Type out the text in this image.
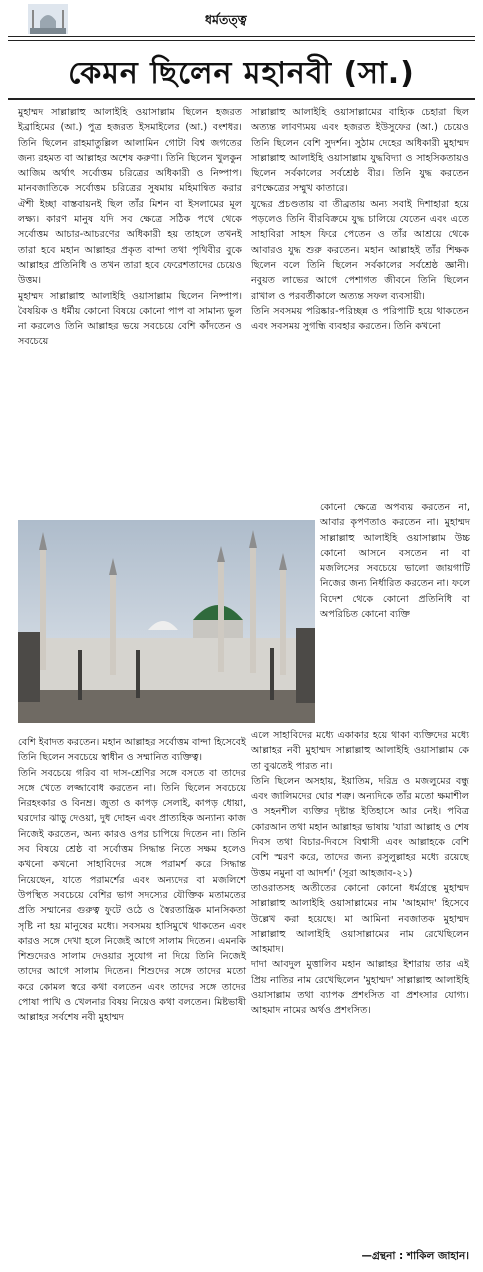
ধর্মতত্ত্ব
কেমন ছিলেন মহানবী (সা.)

মুহাম্মদ সাল্লাল্লাহু আলাইহি ওয়াসাল্লাম ছিলেন হজরত ইব্রাহিমের (আ.) পুত্র হজরত ইসমাইলের (আ.) বংশধর। তিনি ছিলেন রাহমাতুল্লিল আলামিন গোটা বিশ্ব জগতের জন্য রহমত বা আল্লাহর অশেষ করুণা। তিনি ছিলেন খুলকুন আজিম অর্থাৎ সর্বোত্তম চরিত্রের অধিকারী ও নিষ্পাপ। মানবজাতিকে সর্বোত্তম চরিত্রের সুষমায় মহিমান্বিত করার ঐশী ইচ্ছা বাস্তবায়নই ছিল তাঁর মিশন বা ইসলামের মূল লক্ষ্য। কারণ মানুষ যদি সব ক্ষেত্রে সঠিক পথে থেকে সর্বোত্তম আচার-আচরণের অধিকারী হয় তাহলে তখনই তারা হবে মহান আল্লাহর প্রকৃত বান্দা তথা পৃথিবীর বুকে আল্লাহর প্রতিনিধি ও তখন তারা হবে ফেরেশতাদের চেয়েও উত্তম।

মুহাম্মদ সাল্লাল্লাহু আলাইহি ওয়াসাল্লাম ছিলেন নিষ্পাপ। বৈষয়িক ও ধর্মীয় কোনো বিষয়ে কোনো পাপ বা সামান্য ভুল না করলেও তিনি আল্লাহর ভয়ে সবচেয়ে বেশি কাঁদতেন ও সবচেয়ে

সাল্লাল্লাহু আলাইহি ওয়াসাল্লামের বাহ্যিক চেহারা ছিল অত্যন্ত লাবণ্যময় এবং হজরত ইউসুফের (আ.) চেয়েও তিনি ছিলেন বেশি সুদর্শন। সুঠাম দেহের অধিকারী মুহাম্মদ সাল্লাল্লাহু আলাইহি ওয়াসাল্লাম যুদ্ধবিদ্যা ও সাহসিকতায়ও ছিলেন সর্বকালের সর্বশ্রেষ্ঠ বীর। তিনি যুদ্ধ করতেন রণক্ষেত্রের সম্মুখ কাতারে।

যুদ্ধের প্রচণ্ডতায় বা তীব্রতায় অন্য সবাই দিশাহারা হয়ে পড়লেও তিনি বীরবিক্রমে যুদ্ধ চালিয়ে যেতেন এবং এতে সাহাবিরা সাহস ফিরে পেতেন ও তাঁর আশ্রয়ে থেকে আবারও যুদ্ধ শুরু করতেন। মহান আল্লাহই তাঁর শিক্ষক ছিলেন বলে তিনি ছিলেন সর্বকালের সর্বশ্রেষ্ঠ জ্ঞানী। নবুয়ত লাভের আগে পেশাগত জীবনে তিনি ছিলেন রাখাল ও পরবর্তীকালে অত্যন্ত সফল ব্যবসায়ী।

তিনি সবসময় পরিষ্কার-পরিচ্ছন্ন ও পরিপাটি হয়ে থাকতেন এবং সবসময় সুগন্ধি ব্যবহার করতেন। তিনি কখনো

কোনো ক্ষেত্রে অপব্যয় করতেন না, আবার কৃপণতাও করতেন না। মুহাম্মদ সাল্লাল্লাহু আলাইহি ওয়াসাল্লাম উচ্চ কোনো আসনে বসতেন না বা মজলিসের সবচেয়ে ভালো জায়গাটি নিজের জন্য নির্ধারিত করতেন না। ফলে বিদেশ থেকে কোনো প্রতিনিধি বা অপরিচিত কোনো ব্যক্তি

বেশি ইবাদত করতেন। মহান আল্লাহর সর্বোত্তম বান্দা হিসেবেই তিনি ছিলেন সবচেয়ে স্বাধীন ও সম্মানিত ব্যক্তিত্ব।

তিনি সবচেয়ে গরিব বা দাস-শ্রেণির সঙ্গে বসতে বা তাদের সঙ্গে খেতে লজ্জাবোধ করতেন না। তিনি ছিলেন সবচেয়ে নিরহংকার ও বিনম্র। জুতা ও কাপড় সেলাই, কাপড় ধোয়া, ঘরদোর ঝাড়ু দেওয়া, দুধ দোহন এবং প্রাত্যহিক অন্যান্য কাজ নিজেই করতেন, অন্য কারও ওপর চাপিয়ে দিতেন না। তিনি সব বিষয়ে শ্রেষ্ঠ বা সর্বোত্তম সিদ্ধান্ত নিতে সক্ষম হলেও কখনো কখনো সাহাবিদের সঙ্গে পরামর্শ করে সিদ্ধান্ত নিয়েছেন, যাতে পরামর্শের এবং অন্যদের বা মজলিশে উপস্থিত সবচেয়ে বেশির ভাগ সদস্যের যৌক্তিক মতামতের প্রতি সম্মানের গুরুত্ব ফুটে ওঠে ও স্বৈরতান্ত্রিক মানসিকতা সৃষ্টি না হয় মানুষের মধ্যে। সবসময় হাসিমুখে থাকতেন এবং কারও সঙ্গে দেখা হলে নিজেই আগে সালাম দিতেন। এমনকি শিশুদেরও সালাম দেওয়ার সুযোগ না দিয়ে তিনি নিজেই তাদের আগে সালাম দিতেন। শিশুদের সঙ্গে তাদের মতো করে কোমল স্বরে কথা বলতেন এবং তাদের সঙ্গে তাদের পোষা পাখি ও খেলনার বিষয় নিয়েও কথা বলতেন। মিষ্টভাষী আল্লাহর সর্বশেষ নবী মুহাম্মদ

এলে সাহাবিদের মধ্যে একাকার হয়ে থাকা ব্যক্তিদের মধ্যে আল্লাহর নবী মুহাম্মদ সাল্লাল্লাহু আলাইহি ওয়াসাল্লাম কে তা বুঝতেই পারত না।

তিনি ছিলেন অসহায়, ইয়াতিম, দরিদ্র ও মজলুমের বন্ধু এবং জালিমদের ঘোর শত্রু। অন্যদিকে তাঁর মতো ক্ষমাশীল ও সহনশীল ব্যক্তির দৃষ্টান্ত ইতিহাসে আর নেই। পবিত্র কোরআন তথা মহান আল্লাহর ভাষায় 'যারা আল্লাহ ও শেষ দিবস তথা বিচার-দিবসে বিশ্বাসী এবং আল্লাহকে বেশি বেশি স্মরণ করে, তাদের জন্য রসুলুল্লাহর মধ্যে রয়েছে উত্তম নমুনা বা আদর্শ।' (সূরা আহজাব-২১)

তাওরাতসহ অতীতের কোনো কোনো ধর্মগ্রন্থে মুহাম্মদ সাল্লাল্লাহু আলাইহি ওয়াসাল্লামের নাম 'আহমাদ' হিসেবে উল্লেখ করা হয়েছে। মা আমিনা নবজাতক মুহাম্মদ সাল্লাল্লাহু আলাইহি ওয়াসাল্লামের নাম রেখেছিলেন আহমাদ।

দাদা আবদুল মুত্তালিব মহান আল্লাহর ইশারায় তার এই প্রিয় নাতির নাম রেখেছিলেন 'মুহাম্মদ' সাল্লাল্লাহু আলাইহি ওয়াসাল্লাম তথা ব্যাপক প্রশংসিত বা প্রশংসার যোগ্য। আহমাদ নামের অর্থও প্রশংসিত।

—গ্রন্থনা : শাকিল জাহান।
